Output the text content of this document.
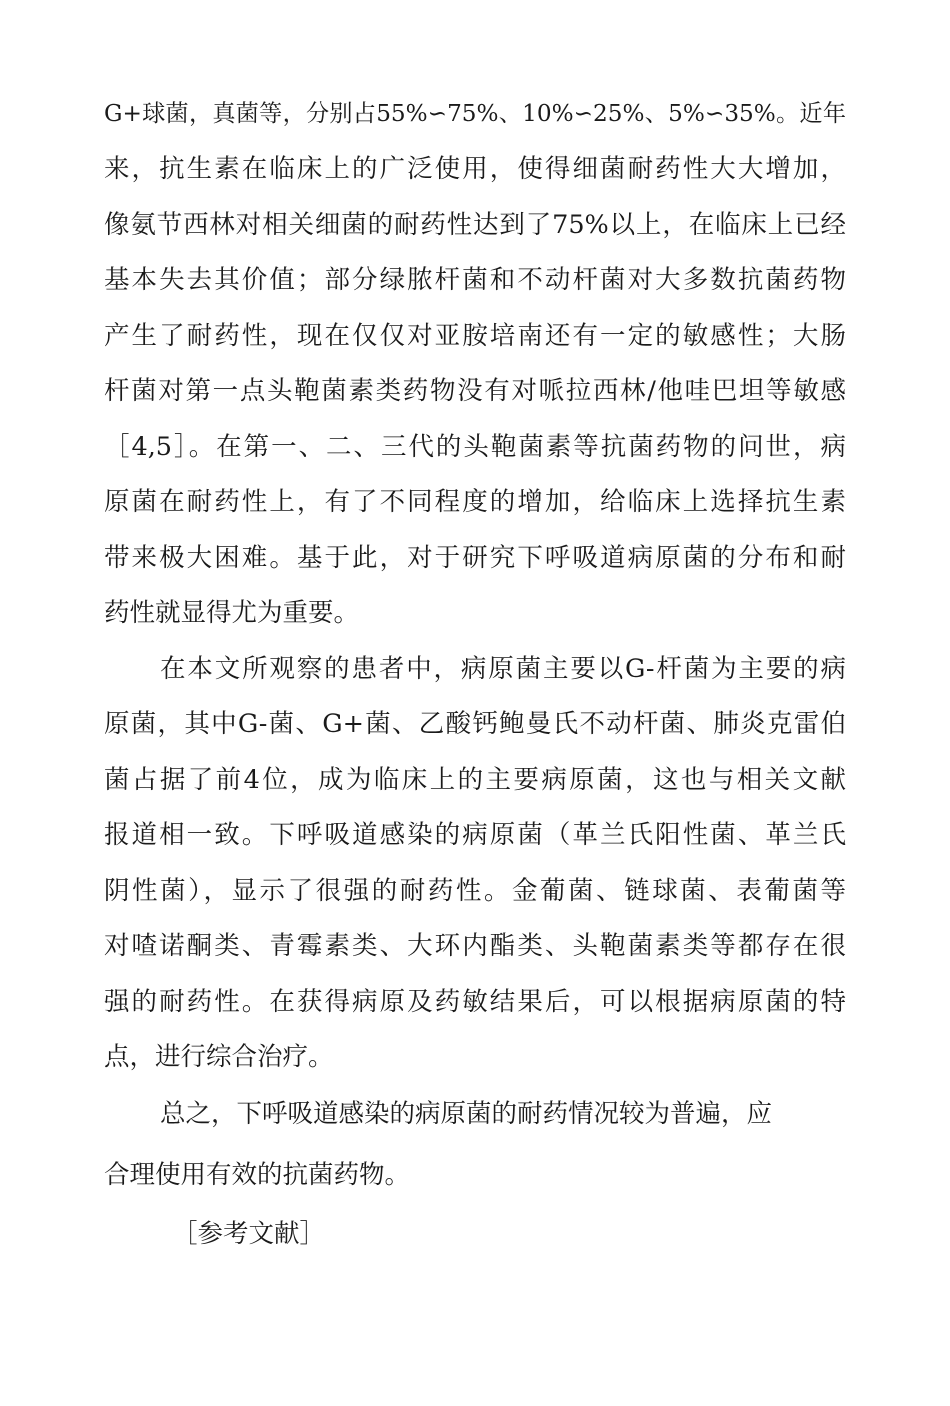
G+球菌，真菌等，分别占55%∽75%、10%∽25%、5%∽35%。近年
来，抗生素在临床上的广泛使用，使得细菌耐药性大大增加，
像氨节西林对相关细菌的耐药性达到了75%以上，在临床上已经
基本失去其价值；部分绿脓杆菌和不动杆菌对大多数抗菌药物
产生了耐药性，现在仅仅对亚胺培南还有一定的敏感性；大肠
杆菌对第一点头鞄菌素类药物没有对哌拉西林/他哇巴坦等敏感
［4,5］。在第一、二、三代的头鞄菌素等抗菌药物的问世，病
原菌在耐药性上，有了不同程度的增加，给临床上选择抗生素
带来极大困难。基于此，对于研究下呼吸道病原菌的分布和耐
药性就显得尤为重要。
在本文所观察的患者中，病原菌主要以G-杆菌为主要的病
原菌，其中G-菌、G+菌、乙酸钙鲍曼氏不动杆菌、肺炎克雷伯
菌占据了前4位，成为临床上的主要病原菌，这也与相关文献
报道相一致。下呼吸道感染的病原菌（革兰氏阳性菌、革兰氏
阴性菌），显示了很强的耐药性。金葡菌、链球菌、表葡菌等
对喳诺酮类、青霉素类、大环内酯类、头鞄菌素类等都存在很
强的耐药性。在获得病原及药敏结果后，可以根据病原菌的特
点，进行综合治疗。
总之，下呼吸道感染的病原菌的耐药情况较为普遍，应
合理使用有效的抗菌药物。
［参考文献］
